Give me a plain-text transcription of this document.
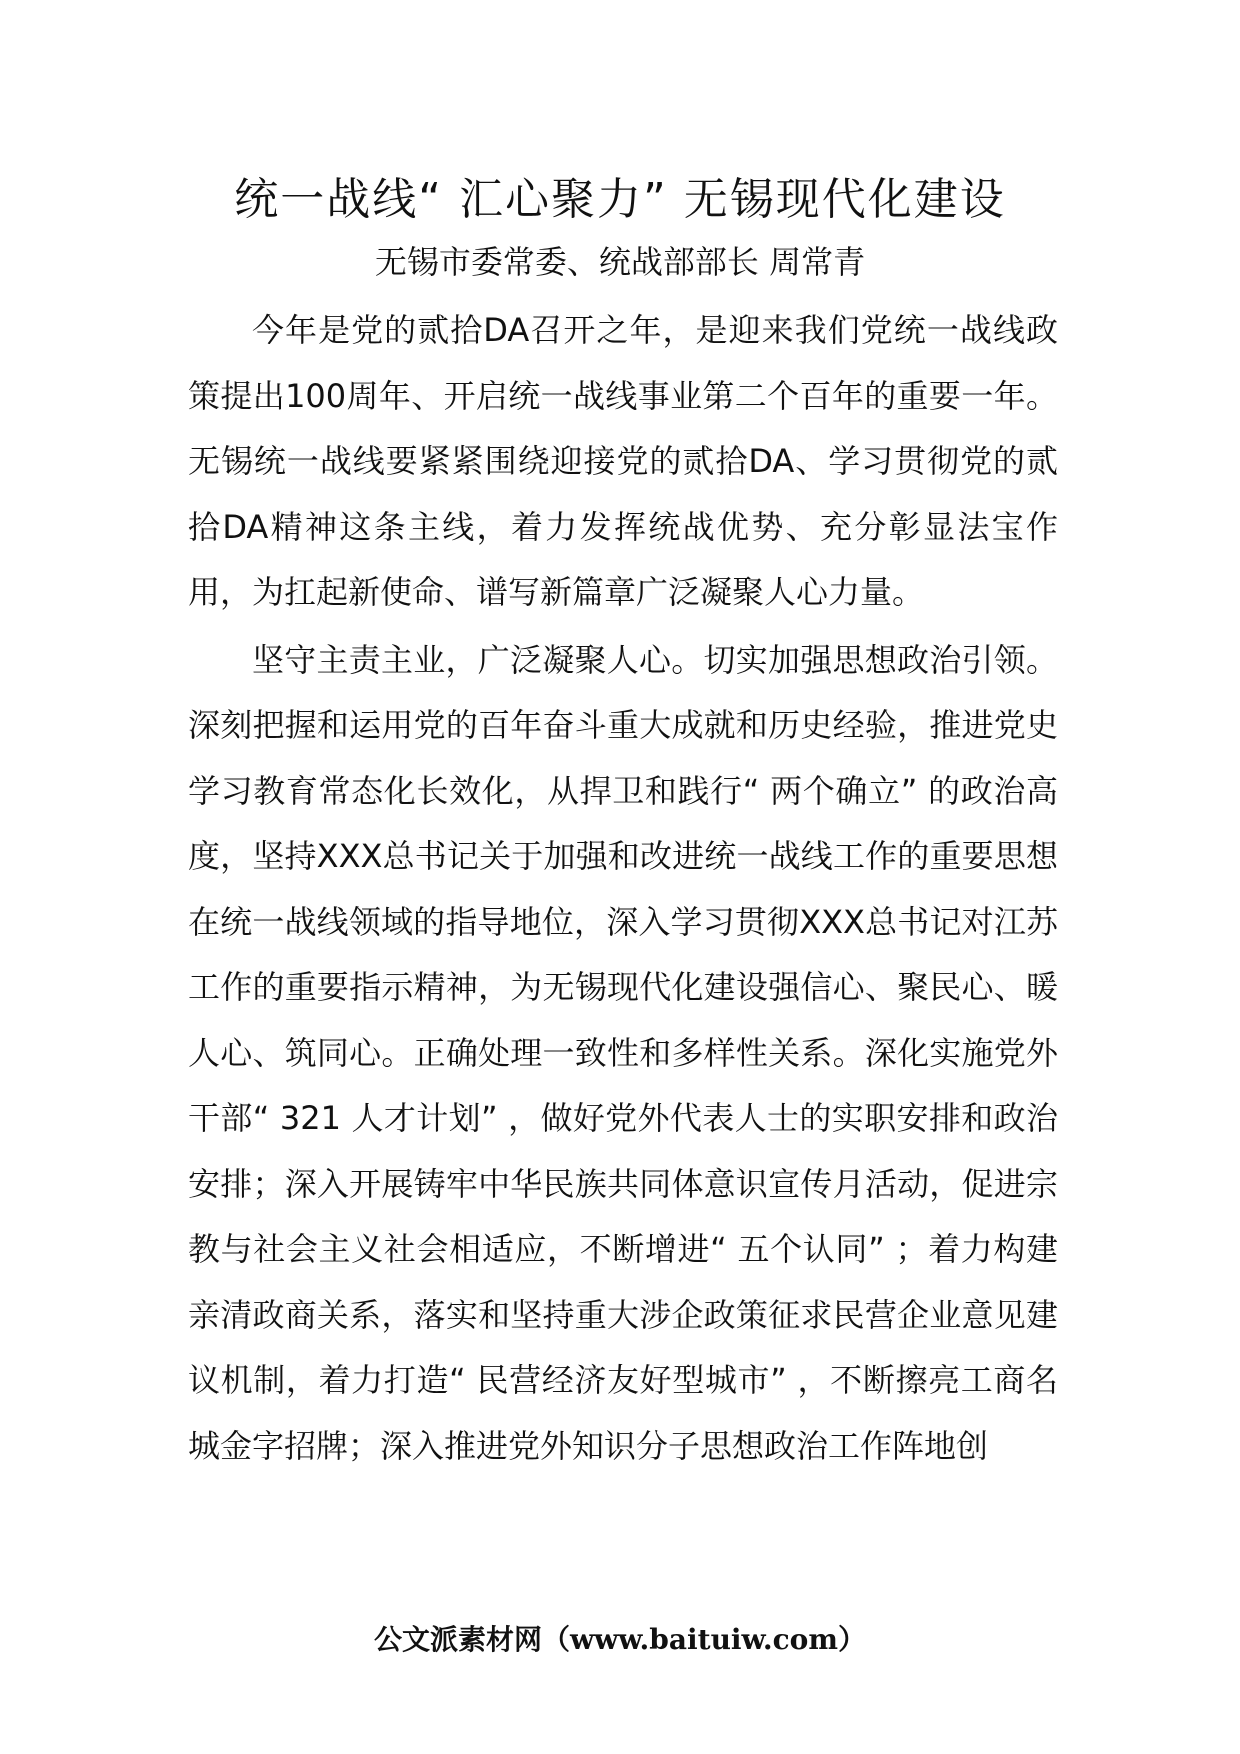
统一战线“ 汇心聚力” 无锡现代化建设
无锡市委常委、统战部部长 周常青

今年是党的贰拾DA召开之年，是迎来我们党统一战线政策提出100周年、开启统一战线事业第二个百年的重要一年。无锡统一战线要紧紧围绕迎接党的贰拾DA、学习贯彻党的贰拾DA精神这条主线，着力发挥统战优势、充分彰显法宝作用，为扛起新使命、谱写新篇章广泛凝聚人心力量。

坚守主责主业，广泛凝聚人心。切实加强思想政治引领。深刻把握和运用党的百年奋斗重大成就和历史经验，推进党史学习教育常态化长效化，从捍卫和践行“ 两个确立” 的政治高度，坚持XXX总书记关于加强和改进统一战线工作的重要思想在统一战线领域的指导地位，深入学习贯彻XXX总书记对江苏工作的重要指示精神，为无锡现代化建设强信心、聚民心、暖人心、筑同心。正确处理一致性和多样性关系。深化实施党外干部“ 321 人才计划” ，做好党外代表人士的实职安排和政治安排；深入开展铸牢中华民族共同体意识宣传月活动，促进宗教与社会主义社会相适应，不断增进“ 五个认同” ；着力构建亲清政商关系，落实和坚持重大涉企政策征求民营企业意见建议机制，着力打造“ 民营经济友好型城市” ，不断擦亮工商名城金字招牌；深入推进党外知识分子思想政治工作阵地创

公文派素材网（www.baituiw.com）
